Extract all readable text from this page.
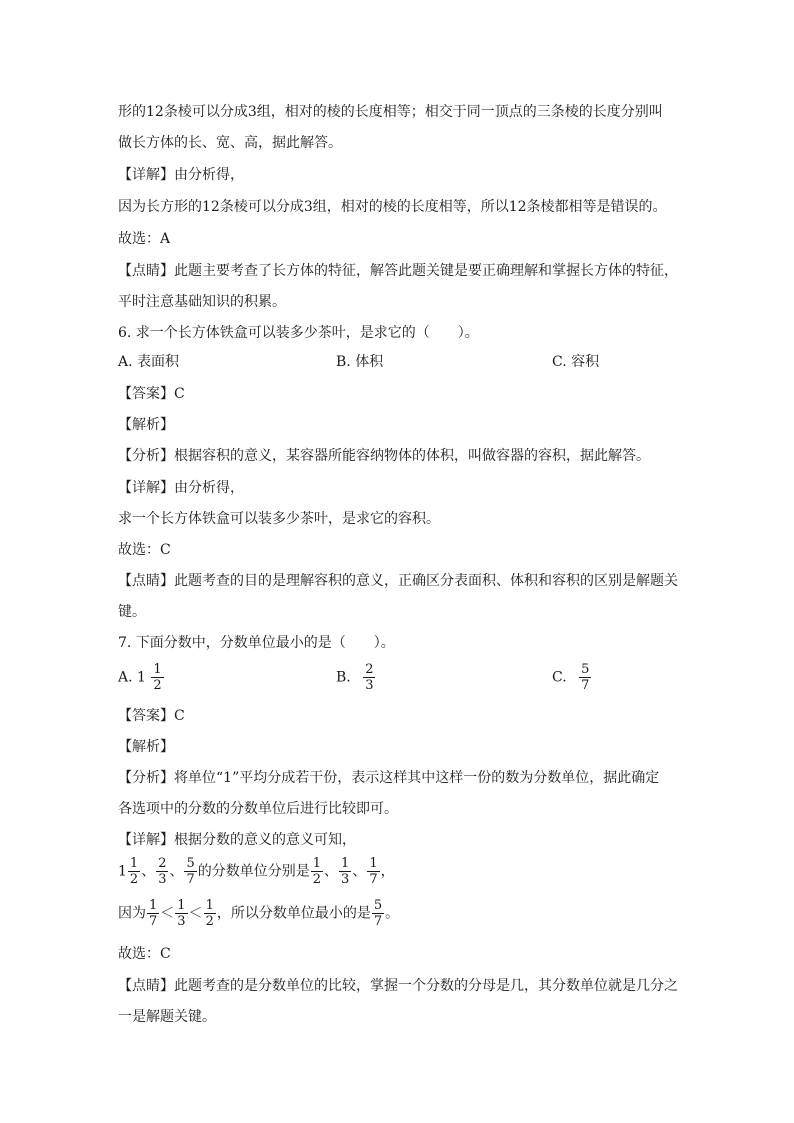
形的12条棱可以分成3组，相对的棱的长度相等；相交于同一顶点的三条棱的长度分别叫
做长方体的长、宽、高，据此解答。
【详解】由分析得，
因为长方形的12条棱可以分成3组，相对的棱的长度相等，所以12条棱都相等是错误的。
故选：A
【点睛】此题主要考查了长方体的特征，解答此题关键是要正确理解和掌握长方体的特征，
平时注意基础知识的积累。
6. 求一个长方体铁盒可以装多少茶叶，是求它的（　　）。
A. 表面积	B. 体积	C. 容积
【答案】C
【解析】
【分析】根据容积的意义，某容器所能容纳物体的体积，叫做容器的容积，据此解答。
【详解】由分析得，
求一个长方体铁盒可以装多少茶叶，是求它的容积。
故选：C
【点睛】此题考查的目的是理解容积的意义，正确区分表面积、体积和容积的区别是解题关
键。
7. 下面分数中，分数单位最小的是（　　）。
A. $1 \frac{1}{2}$	B. $\frac{2}{3}$	C. $\frac{5}{7}$
【答案】C
【解析】
【分析】将单位“1”平均分成若干份，表示这样其中这样一份的数为分数单位，据此确定
各选项中的分数的分数单位后进行比较即可。
【详解】根据分数的意义的意义可知，
$1 \frac{1}{2}$ 、 $\frac{2}{3}$ 、 $\frac{5}{7}$ 的分数单位分别是 $\frac{1}{2}$ 、 $\frac{1}{3}$ 、 $\frac{1}{7}$ ，
因为 $\frac{1}{7} < \frac{1}{3} < \frac{1}{2}$ ，所以分数单位最小的是 $\frac{5}{7}$ 。
故选：C
【点睛】此题考查的是分数单位的比较，掌握一个分数的分母是几，其分数单位就是几分之
一是解题关键。
